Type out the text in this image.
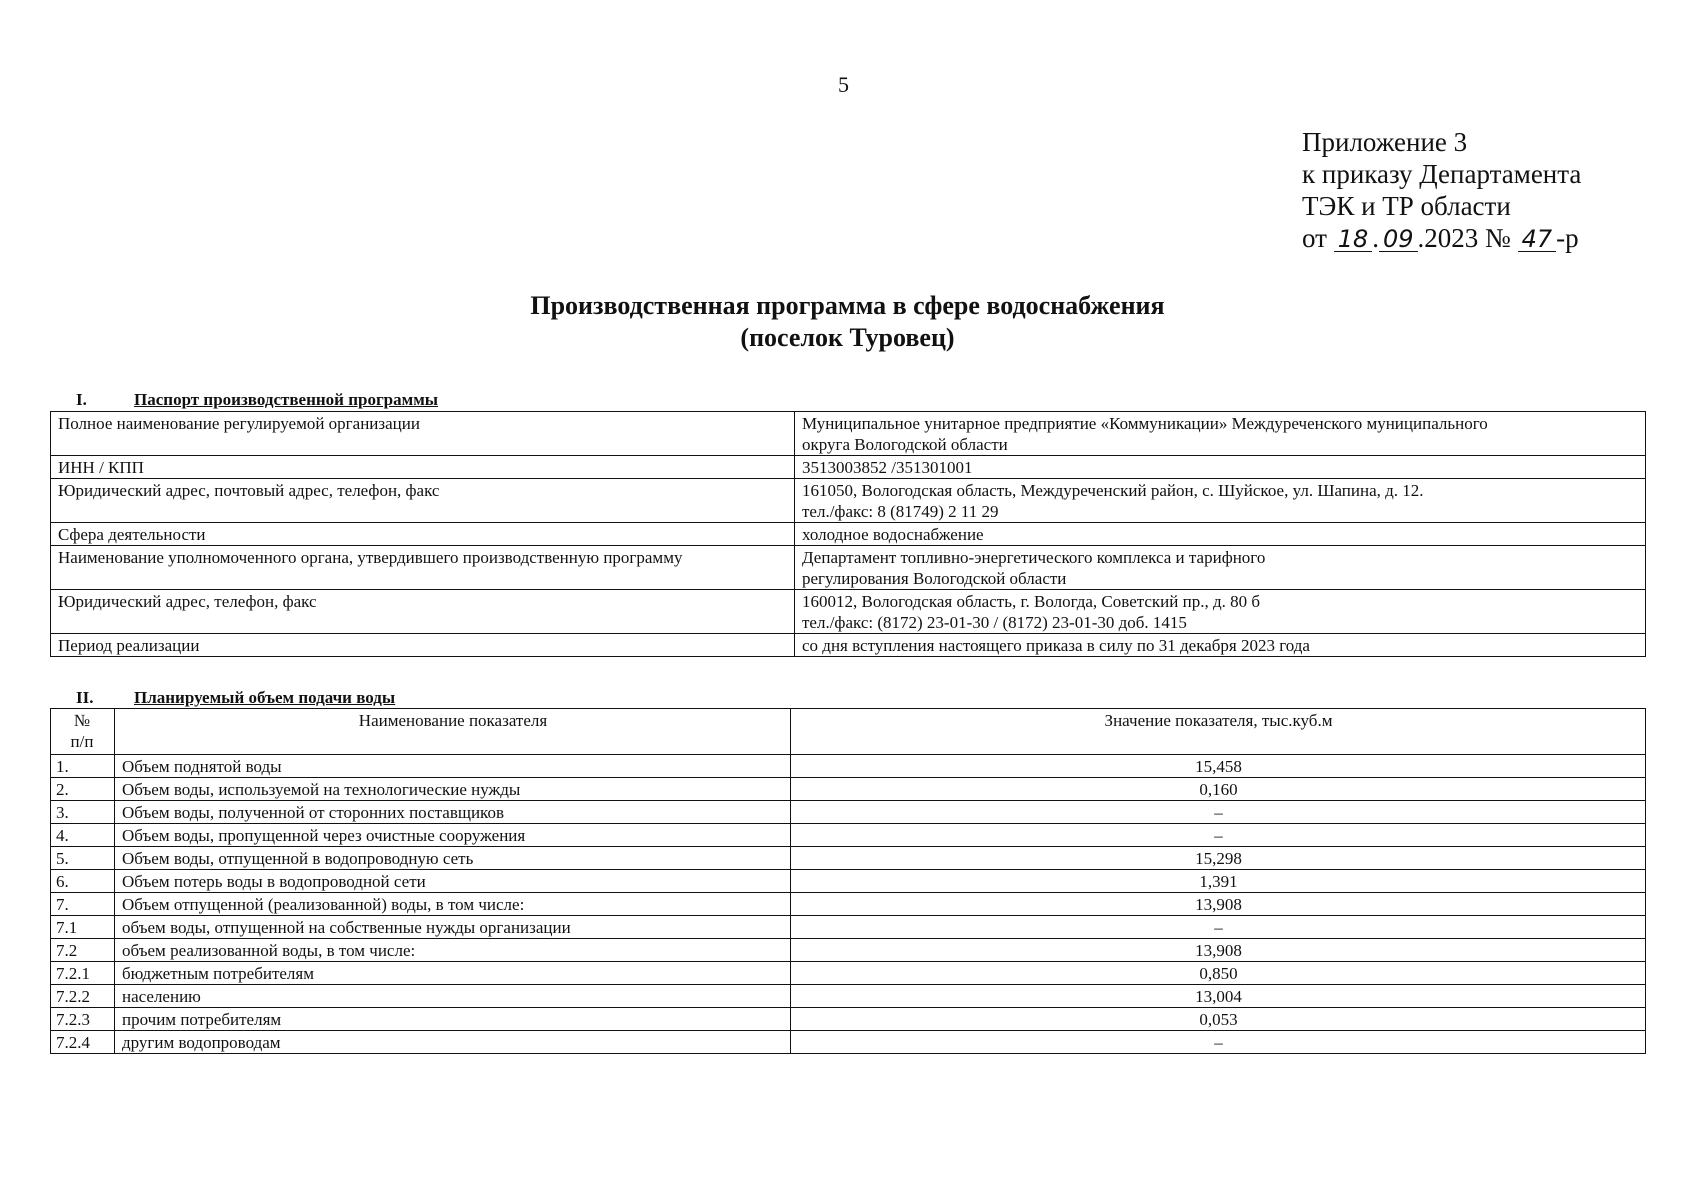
5
Приложение 3
к приказу Департамента
ТЭК и ТР области
от 18 . 09 .2023 № 47 -р
Производственная программа в сфере водоснабжения
(поселок Туровец)
I.	Паспорт производственной программы
Полное наименование регулируемой организации	Муниципальное унитарное предприятие «Коммуникации» Междуреченского муниципального
округа Вологодской области

ИНН / КПП	3513003852 /351301001

Юридический адрес, почтовый адрес, телефон, факс	161050, Вологодская область, Междуреченский район, с. Шуйское, ул. Шапина, д. 12.
тел./факс: 8 (81749) 2 11 29

Сфера деятельности	холодное водоснабжение

Наименование уполномоченного органа, утвердившего производственную программу	Департамент топливно-энергетического комплекса и тарифного
регулирования Вологодской области

Юридический адрес, телефон, факс	160012, Вологодская область, г. Вологда, Советский пр., д. 80 б
тел./факс: (8172) 23-01-30 / (8172) 23-01-30 доб. 1415

Период реализации	со дня вступления настоящего приказа в силу по 31 декабря 2023 года
II. Планируемый объем подачи воды
№
п/п	Наименование показателя	Значение показателя, тыс.куб.м
1.	Объем поднятой воды	15,458
2.	Объем воды, используемой на технологические нужды	0,160
3.	Объем воды, полученной от сторонних поставщиков	–
4.	Объем воды, пропущенной через очистные сооружения	–
5.	Объем воды, отпущенной в водопроводную сеть	15,298
6.	Объем потерь воды в водопроводной сети	1,391
7.	Объем отпущенной (реализованной) воды, в том числе:	13,908
7.1	объем воды, отпущенной на собственные нужды организации	–
7.2	объем реализованной воды, в том числе:	13,908
7.2.1	бюджетным потребителям	0,850
7.2.2	населению	13,004
7.2.3	прочим потребителям	0,053
7.2.4	другим водопроводам	–
